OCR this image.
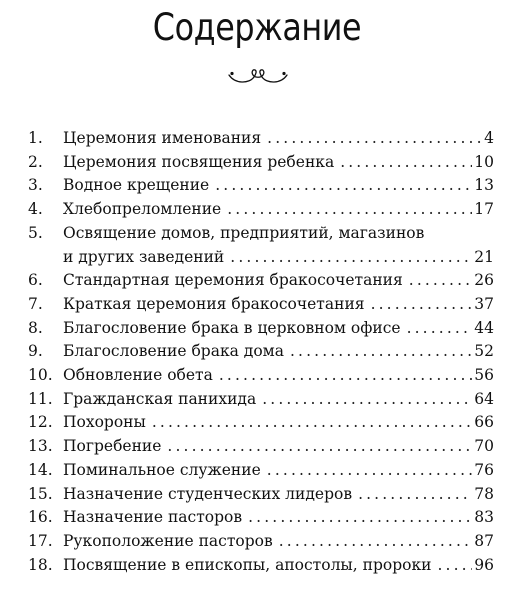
Содержание
1.	Церемония именования . . .	4
2.	Церемония посвящения ребенка . . .	10
3.	Водное крещение . . .	13
4.	Хлебопреломление . . .	17
5.	Освящение домов, предприятий, магазинов
и других заведений . . .	21
6.	Стандартная церемония бракосочетания . . .	26
7.	Краткая церемония бракосочетания . . .	37
8.	Благословение брака в церковном офисе . . .	44
9.	Благословение брака дома . . .	52
10. Обновление обета . . .	56
11. Гражданская панихида . . .	64
12. Похороны . . .	66
13. Погребение . . .	70
14. Поминальное служение . . .	76
15. Назначение студенческих лидеров . . .	78
16. Назначение пасторов . . .	83
17. Рукоположение пасторов . . .	87
18. Посвящение в епископы, апостолы, пророки . . .	96
